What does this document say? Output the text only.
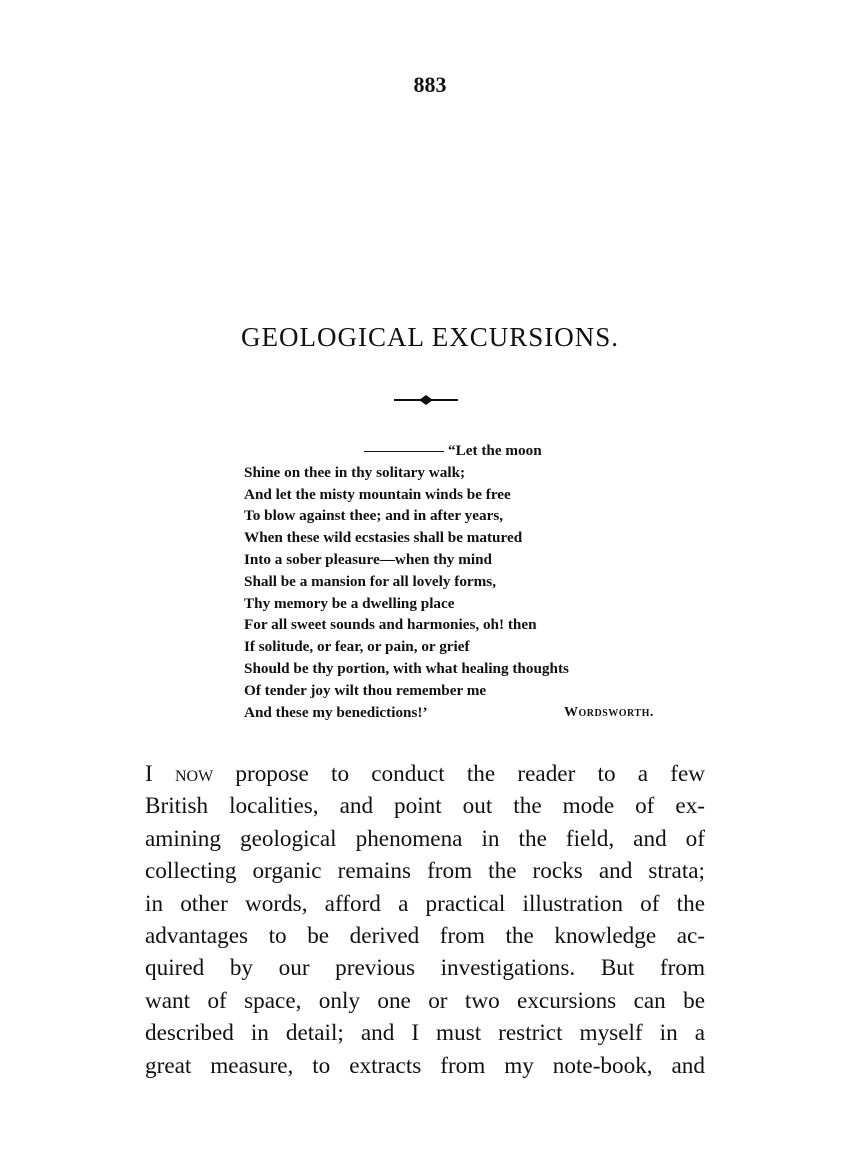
883
GEOLOGICAL EXCURSIONS.
“Let the moon
Shine on thee in thy solitary walk;
And let the misty mountain winds be free
To blow against thee; and in after years,
When these wild ecstasies shall be matured
Into a sober pleasure—when thy mind
Shall be a mansion for all lovely forms,
Thy memory be a dwelling place
For all sweet sounds and harmonies, oh! then
If solitude, or fear, or pain, or grief
Should be thy portion, with what healing thoughts
Of tender joy wilt thou remember me
And these my benedictions!’	Wordsworth.
I now propose to conduct the reader to a few
British localities, and point out the mode of ex-
amining geological phenomena in the field, and of
collecting organic remains from the rocks and strata;
in other words, afford a practical illustration of the
advantages to be derived from the knowledge ac-
quired by our previous investigations. But from
want of space, only one or two excursions can be
described in detail; and I must restrict myself in a
great measure, to extracts from my note-book, and
